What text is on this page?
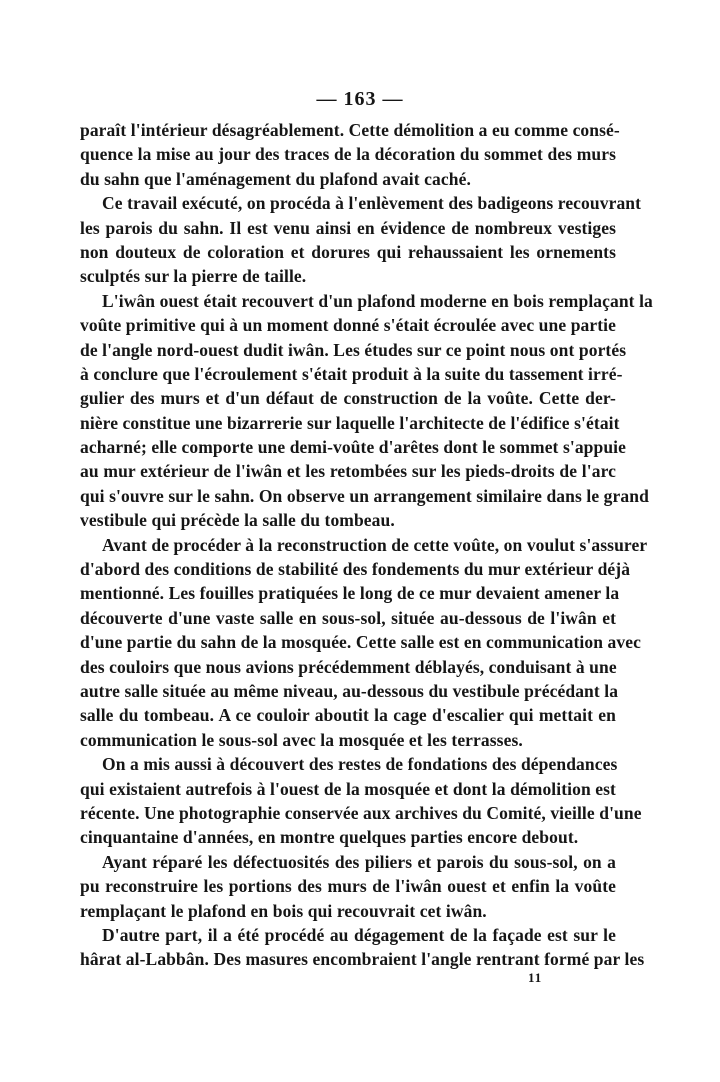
— 163 —
paraît l'intérieur désagréablement. Cette démolition a eu comme consé-
quence la mise au jour des traces de la décoration du sommet des murs
du sahn que l'aménagement du plafond avait caché.
Ce travail exécuté, on procéda à l'enlèvement des badigeons recouvrant
les parois du sahn. Il est venu ainsi en évidence de nombreux vestiges
non douteux de coloration et dorures qui rehaussaient les ornements
sculptés sur la pierre de taille.
L'iwân ouest était recouvert d'un plafond moderne en bois remplaçant la
voûte primitive qui à un moment donné s'était écroulée avec une partie
de l'angle nord-ouest dudit iwân. Les études sur ce point nous ont portés
à conclure que l'écroulement s'était produit à la suite du tassement irré-
gulier des murs et d'un défaut de construction de la voûte. Cette der-
nière constitue une bizarrerie sur laquelle l'architecte de l'édifice s'était
acharné; elle comporte une demi-voûte d'arêtes dont le sommet s'appuie
au mur extérieur de l'iwân et les retombées sur les pieds-droits de l'arc
qui s'ouvre sur le sahn. On observe un arrangement similaire dans le grand
vestibule qui précède la salle du tombeau.
Avant de procéder à la reconstruction de cette voûte, on voulut s'assurer
d'abord des conditions de stabilité des fondements du mur extérieur déjà
mentionné. Les fouilles pratiquées le long de ce mur devaient amener la
découverte d'une vaste salle en sous-sol, située au-dessous de l'iwân et
d'une partie du sahn de la mosquée. Cette salle est en communication avec
des couloirs que nous avions précédemment déblayés, conduisant à une
autre salle située au même niveau, au-dessous du vestibule précédant la
salle du tombeau. A ce couloir aboutit la cage d'escalier qui mettait en
communication le sous-sol avec la mosquée et les terrasses.
On a mis aussi à découvert des restes de fondations des dépendances
qui existaient autrefois à l'ouest de la mosquée et dont la démolition est
récente. Une photographie conservée aux archives du Comité, vieille d'une
cinquantaine d'années, en montre quelques parties encore debout.
Ayant réparé les défectuosités des piliers et parois du sous-sol, on a
pu reconstruire les portions des murs de l'iwân ouest et enfin la voûte
remplaçant le plafond en bois qui recouvrait cet iwân.
D'autre part, il a été procédé au dégagement de la façade est sur le
hârat al-Labbân. Des masures encombraient l'angle rentrant formé par les
11
